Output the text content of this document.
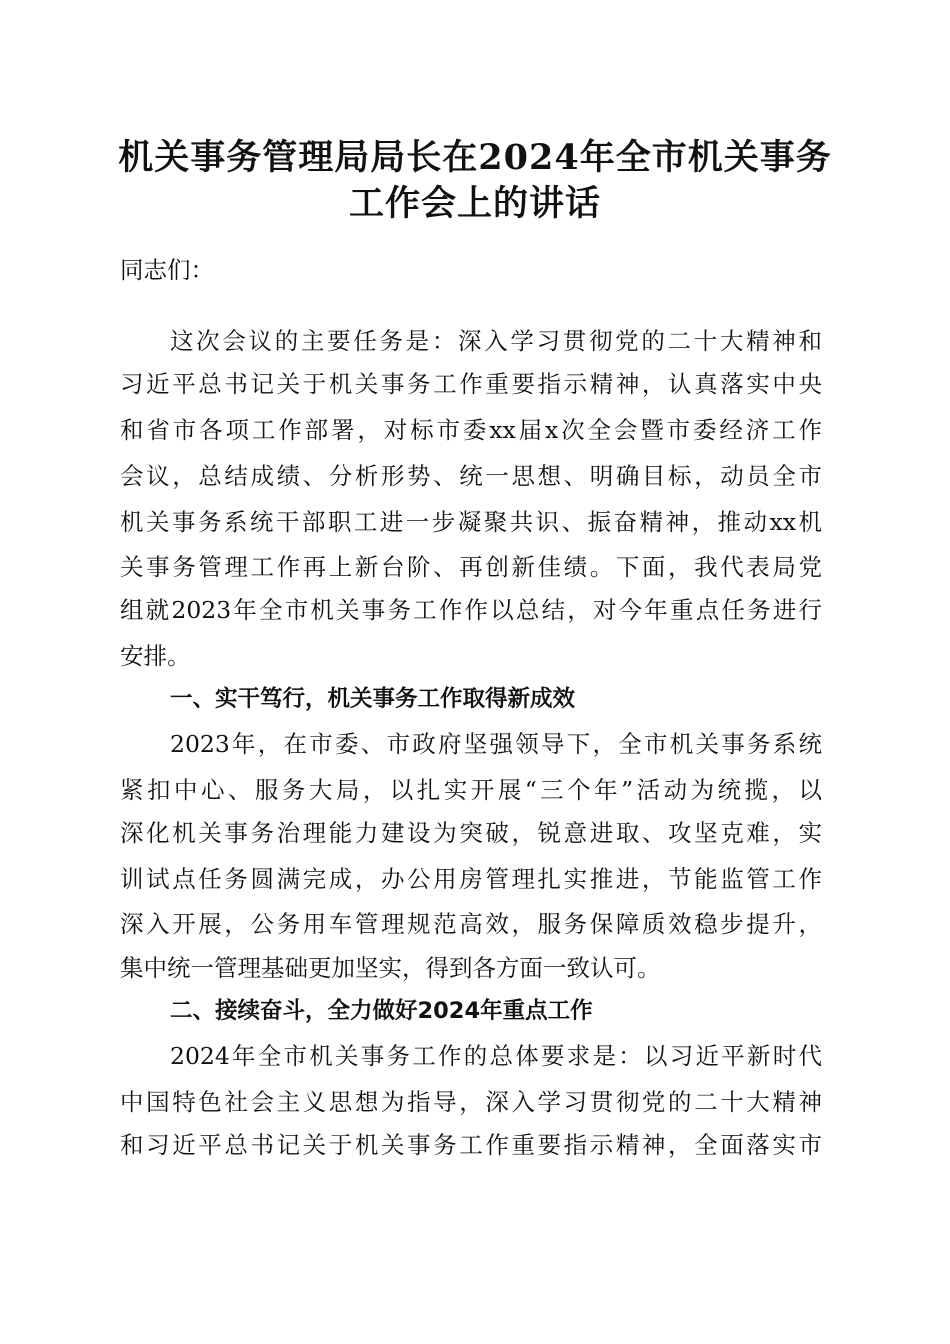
机关事务管理局局长在2024年全市机关事务
工作会上的讲话

同志们：

这次会议的主要任务是：深入学习贯彻党的二十大精神和

习近平总书记关于机关事务工作重要指示精神，认真落实中央

和省市各项工作部署，对标市委xx届x次全会暨市委经济工作

会议，总结成绩、分析形势、统一思想、明确目标，动员全市

机关事务系统干部职工进一步凝聚共识、振奋精神，推动xx机

关事务管理工作再上新台阶、再创新佳绩。下面，我代表局党

组就2023年全市机关事务工作作以总结，对今年重点任务进行

安排。

一、实干笃行，机关事务工作取得新成效

2023年，在市委、市政府坚强领导下，全市机关事务系统

紧扣中心、服务大局，以扎实开展“三个年”活动为统揽，以

深化机关事务治理能力建设为突破，锐意进取、攻坚克难，实

训试点任务圆满完成，办公用房管理扎实推进，节能监管工作

深入开展，公务用车管理规范高效，服务保障质效稳步提升，

集中统一管理基础更加坚实，得到各方面一致认可。

二、接续奋斗，全力做好2024年重点工作

2024年全市机关事务工作的总体要求是：以习近平新时代

中国特色社会主义思想为指导，深入学习贯彻党的二十大精神

和习近平总书记关于机关事务工作重要指示精神，全面落实市
